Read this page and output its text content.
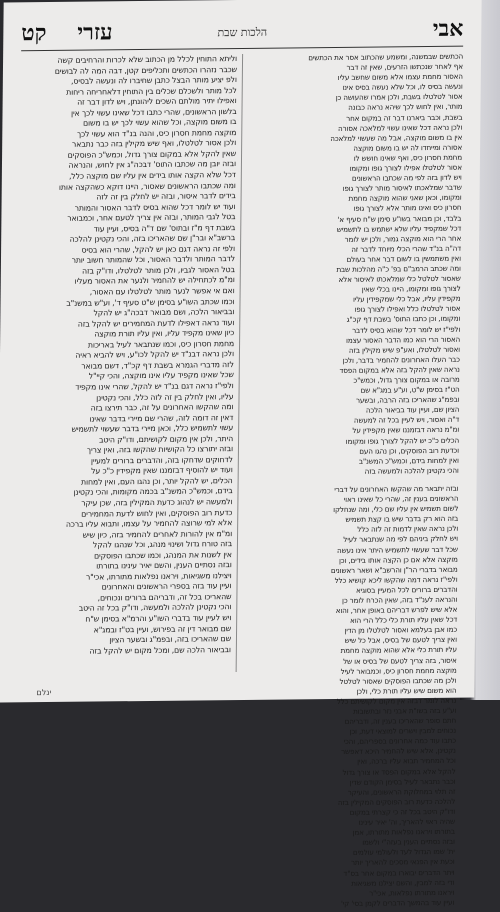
אבי
הלכות שבת
עזרי
קט
הכתשים שבמשנה, ומשמע שהכתוב אסר את הכתשים
אף לאחר שנכתשו הזרעים, שאין זה דבר
האסור מחמת עצמו אלא משום שחשב עליו
ונעשה בסיס לו, וכל שלא נעשה בסיס אינו
אסור לטלטלו בשבת, ולכן אמרו שהעושה כן
מותר, ואין לחוש לכך שיהא נראה כבונה
בשבת, וכבר ביארנו דבר זה במקום אחר
ולכן נראה דכל שאינו עשוי למלאכה אסורה
אין בו משום מוקצה, אבל מה שעשוי למלאכה
אסורה ומייחדו לה יש בו משום מוקצה
מחמת חסרון כיס, ואף שאינו חושש לו
אסור לטלטלו אפילו לצורך גופו ומקומו
ויש לדון בזה לפי מה שכתבו הראשונים
שדבר שמלאכתו לאיסור מותר לצורך גופו
ומקומו, וכאן שאני שהוא מוקצה מחמת
חסרון כיס ואינו מותר אלא לצורך גופו
בלבד, וכן מבואר בשו"ע סימן ש"ח סעיף א'
דכל שמקפיד עליו שלא ישתמש בו לתשמיש
אחר הרי הוא מוקצה גמור, ולכן יש לומר
דה"ה בנ"ד שהרי הכלי מיוחד לדבר זה
ואין משתמשין בו לשום דבר אחר בעולם
ומה שכתב הרמב"ם בפ' כ"ה מהלכות שבת
שאסור לטלטל כלי שמלאכתו לאיסור אלא
לצורך גופו ומקומו, היינו בכלי שאין
מקפידין עליו, אבל כלי שמקפידין עליו
אסור לטלטלו כלל ואפילו לצורך גופו
ומקומו, וכן כתבו התוס' בשבת דף קכ"ג
ולפי"ז יש לומר דכל שהוא בסיס לדבר
האסור הרי הוא כמו הדבר האסור עצמו
ואסור לטלטלו, ואע"פ שיש מקילין בזה
כבר העלו האחרונים להחמיר בדבר, ולכן
נראה שאין להקל בזה אלא במקום הפסד
מרובה או במקום צורך גדול, וכמש"כ
הט"ז בסימן ש"ט, וע"ע במג"א שם
ובפמ"ג שהאריכו בזה הרבה, ובשער
הציון שם, ועיין עוד בביאור הלכה
ד"ה ואסור, ויש לעיין בכל זה למעשה
ומ"מ נראה דבזמננו שאין מקפידין על
הכלים כ"כ יש להקל לצורך גופו ומקומו
וכדעת רוב הפוסקים, וכן נהגו העם
ואין למחות בידם, וכמש"כ המשנ"ב
והכי נקטינן להלכה ולמעשה בזה
ובזה יתבאר מה שהקשו האחרונים על דברי
הראשונים בענין זה, שהרי כל שאינו ראוי
לשום תשמיש אין עליו שם כלי, ומה שנחלקו
בזה הוא רק בדבר שיש בו קצת תשמיש
ולכן נראה שאין לדמות זה לזה כלל
ויש לחלק ביניהם לפי מה שנתבאר לעיל
שכל דבר שעשוי לתשמיש היתר אינו נעשה
מוקצה אלא אם כן הקצה אותו בידים, וכן
מבואר בדברי הר"ן והרשב"א ושאר ראשונים
ולפי"ז נראה דמה שהקשו ליכא קושיא כלל
והדברים ברורים לכל המעיין בסוגיא
והנראה לענ"ד בזה, שאין הכרח לומר כן
אלא שיש לפרש דבריהם באופן אחר, והוא
דכל שאין עליו תורת כלי כלל הרי הוא
כמו אבן בעלמא ואסור לטלטלו מן הדין
ואין צריך לטעם של בסיס, אבל כל שיש
עליו תורת כלי אלא שהוא מוקצה מחמת
איסור, בזה צריך לטעם של בסיס או של
מוקצה מחמת חסרון כיס, וכמבואר לעיל
ולכן מה שכתבו הפוסקים שאסור לטלטל
הוא משום שיש עליו תורת כלי, ולכן
נראה לומר דבזה אין מקום לקושיתם כלל
וע"ע בזה בשו"ת אבני נזר ובתשובות
חתם סופר שהאריכו בענין זה, ודבריהם
נכוחים למבין וישרים למוצאי דעת, וכן
כתבו עוד כמה אחרונים בספריהם, והכי
נקטינן, אלא שיש להחמיר היכא דאפשר
וכל המחמיר תבוא עליו ברכה, ואין
להקל אלא במקום הפסד או צורך גדול
וכבר נתבאר לעיל בסימן הקודם שדין
זה תלוי במחלוקת הראשונים, והעיקר
להלכה כדעת רוב הפוסקים המקילין בזה
ודו"ק היטב בכל זה כי קצרתי במקום
שהיה ראוי להאריך, וה' יאיר עינינו
בתורתו ויראנו נפלאות מתורתו, אמן
ובזה נסתיים הענין בעזה"י ולשמו
ית' שמו הגדול לעד ולעולמי עולמים
וכעת אין הפנאי מסכים להאריך יותר
ויתר הדברים יבוארו במקום אחר בס"ד
ודי בזה למבין, והשם יצילנו משגיאות
ויראנו מתורתו נפלאות, אכי"ר
ועיין עוד בהמשך הדברים לקמן בסי' קי'
וליתא התוחין לכלל מן הכתוב שלא לכרות והרחיבים קשה
שכבר נזהרו הכתשים ותכליפים קטן, דבה המה לה לבושים
ולפ יציע מותר הבצל כתבן שחיברו לה ונעשה לבסיס,
לכל מותר ולשכלם שכלים בין התוחין דלאחריחה ריחות
ואפילו יתיר מולתם השכים ליהונתן, ויש לדון דבר זה
בלשון הראשונים, שהרי כתבו דכל שאינו עשוי לכך אין
בו משום מוקצה, וכל שהוא עשוי לכך יש בו משום
מוקצה מחמת חסרון כיס, והנה בנ"ד הוא עשוי לכך
ולכן אסור לטלטלו, ואף שיש מקילין בזה כבר נתבאר
שאין להקל אלא במקום צורך גדול, וכמש"כ הפוסקים
ובזה יובן מה שכתבו התוס' דבכה"ג אין לחוש, והנראה
דכל שלא הקצה אותו בידים אין עליו שם מוקצה כלל,
ומה שכתבו הראשונים שאסור, היינו דוקא כשהקצה אותו
בידים לדבר איסור, ובזה יש לחלק בין זה לזה
ועוד יש לומר דכל שהוא בסיס לדבר האסור והמותר
בטל לגבי המותר, ובזה אין צריך לטעם אחר, וכמבואר
בשבת דף מ"ז ובתוס' שם ד"ה בסיס, ועיין עוד
ברשב"א ובר"ן שם שהאריכו בזה, והכי נקטינן להלכה
ולפי זה נראה דגם כאן יש להקל, שהרי הוא בסיס
לדבר המותר ולדבר האסור, וכל שהמותר חשוב יותר
בטל האסור לגביו, ולכן מותר לטלטלו, ודו"ק בזה
ומ"מ לכתחילה יש להחמיר ולנער את האסור מעליו
ואם אי אפשר לנער מותר לטלטלו עם האסור,
וכמו שכתב השו"ע בסימן ש"ט סעיף ד', וע"ש במשנ"ב
ובביאור הלכה, ושם מבואר דבכה"ג יש להקל
ועוד נראה דאפילו לדעת המחמירים יש להקל בזה
כיון שאינו מקפיד עליו, ואין עליו תורת מוקצה
מחמת חסרון כיס, וכמו שנתבאר לעיל באריכות
ולכן נראה דבנ"ד יש להקל לכו"ע, ויש להביא ראיה
לזה מדברי הגמרא בשבת דף קכ"ד, דשם מבואר
שכל שאינו מקפיד עליו אינו מוקצה, והכי קיי"ל
ולפי"ז נראה דגם בנ"ד יש להקל, שהרי אינו מקפיד
עליו, ואין לחלק בין זה לזה כלל, והכי נקטינן
ומה שהקשו האחרונים על זה, כבר תירצו בזה
דאין זה דומה לזה, שהרי שם מיירי בדבר שאינו
עשוי לתשמיש כלל, וכאן מיירי בדבר שעשוי לתשמיש
היתר, ולכן אין מקום לקושיתם, ודו"ק היטב
ובזה יתורצו כל הקושיות שהקשו בזה, ואין צריך
לדחוקים שדחקו בזה, והדברים ברורים למעיין
ועוד יש להוסיף דבזמננו שאין מקפידין כ"כ על
הכלים, יש להקל יותר, וכן נהגו העם, ואין למחות
בידם, וכמש"כ המשנ"ב בכמה מקומות, והכי נקטינן
ולמעשה יש לנהוג כדעת המקילין בזה, שכן עיקר
כדעת רוב הפוסקים, ואין לחוש לדעת המחמירים
אלא למי שרוצה להחמיר על עצמו, ותבוא עליו ברכה
ומ"מ אין להורות לאחרים להחמיר בזה, כיון שיש
בזה טורח גדול ושינוי מנהג, וכל שנהגו להקל
אין לשנות את המנהג, וכמו שכתבו הפוסקים
ובזה נסתיים הענין, והשם יאיר עינינו בתורתו
ויצילנו משגיאות, ויראנו נפלאות מתורתו, אכי"ר
ועיין עוד בזה בספרי הראשונים והאחרונים
שהאריכו בכל זה, ודבריהם ברורים ונכוחים,
והכי נקטינן להלכה ולמעשה, ודו"ק בכל זה היטב
ויש לעיין עוד בדברי השו"ע והרמ"א בסימן ש"ח
שם מבואר דין זה בפירוש, ועיין בט"ז ובמג"א
שם שהאריכו בזה, ובפמ"ג ובשער הציון
ובביאור הלכה שם, ומכל מקום יש להקל בזה
ינלם
